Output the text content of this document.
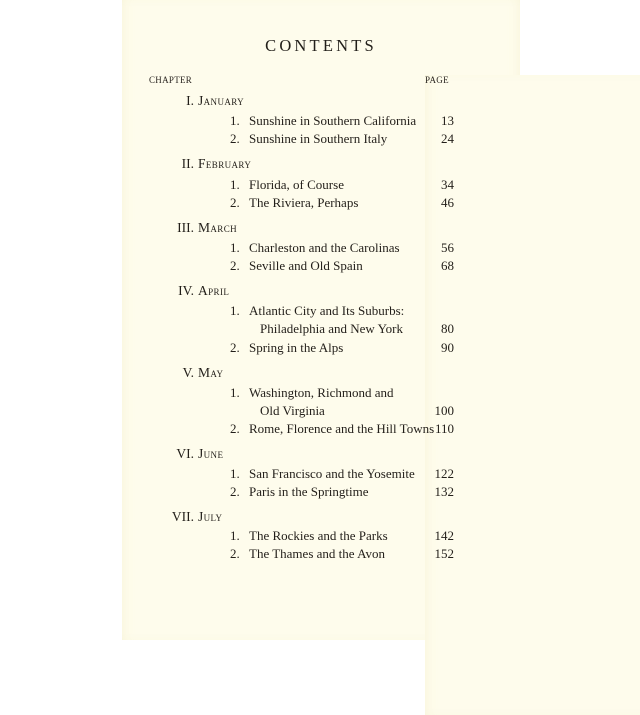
CONTENTS
CHAPTER	PAGE
I. January
1. Sunshine in Southern California 13
2. Sunshine in Southern Italy	24
II. February
1. Florida, of Course	34
2. The Riviera, Perhaps	46
III. March
1. Charleston and the Carolinas	56
2. Seville and Old Spain	68
IV. April
1. Atlantic City and Its Suburbs:
Philadelphia and New York	80
2. Spring in the Alps	90
V. May
1. Washington, Richmond and
Old Virginia	100
2. Rome, Florence and the Hill Towns 110
VI. June
1. San Francisco and the Yosemite 122
2. Paris in the Springtime	132
VII. July
1. The Rockies and the Parks	142
2. The Thames and the Avon	152
